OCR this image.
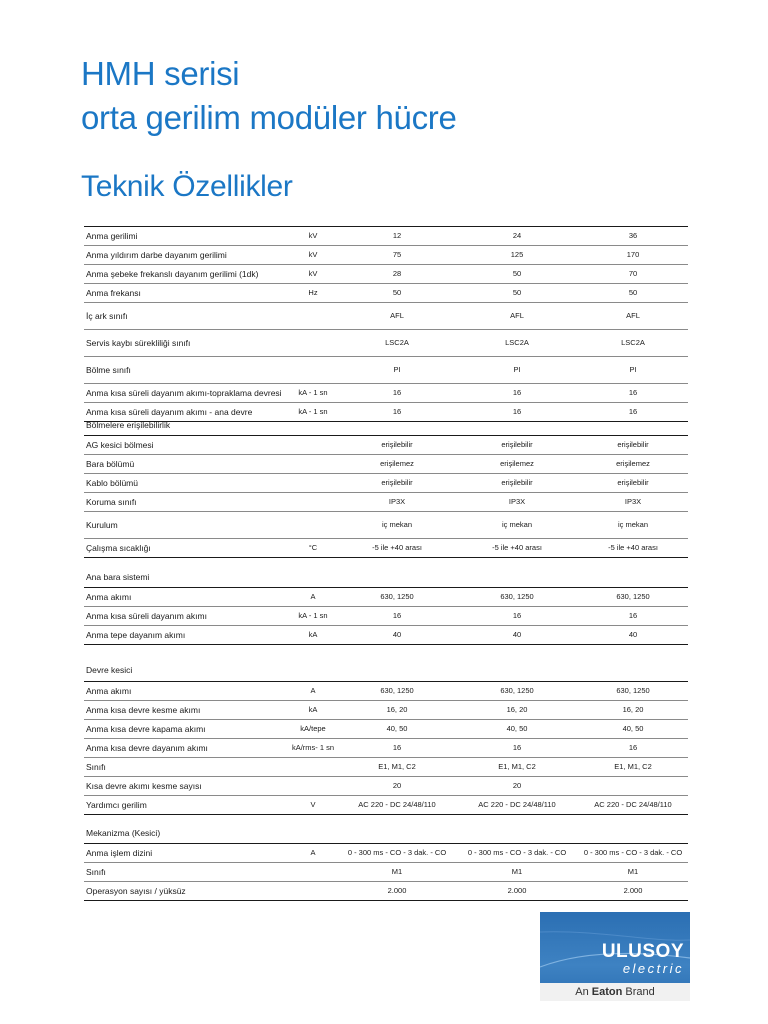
HMH serisi
orta gerilim modüler hücre
Teknik Özellikler
Anma gerilimi	kV	12	24	36
Anma yıldırım darbe dayanım gerilimi	kV	75	125	170
Anma şebeke frekanslı dayanım gerilimi (1dk)	kV	28	50	70
Anma frekansı	Hz	50	50	50
İç ark sınıfı		AFL	AFL	AFL
Servis kaybı sürekliliği sınıfı		LSC2A	LSC2A	LSC2A
Bölme sınıfı		PI	PI	PI
Anma kısa süreli dayanım akımı-topraklama devresi	kA - 1 sn	16	16	16
Anma kısa süreli dayanım akımı - ana devre	kA - 1 sn	16	16	16

Bölmelere erişilebilirlik

AG kesici bölmesi		erişilebilir	erişilebilir	erişilebilir
Bara bölümü		erişilemez	erişilemez	erişilemez
Kablo bölümü		erişilebilir	erişilebilir	erişilebilir
Koruma sınıfı		IP3X	IP3X	IP3X
Kurulum		iç mekan	iç mekan	iç mekan
Çalışma sıcaklığı	°C	-5 ile +40 arası	-5 ile +40 arası	-5 ile +40 arası

Ana bara sistemi

Anma akımı	A	630, 1250	630, 1250	630, 1250
Anma kısa süreli dayanım akımı	kA - 1 sn	16	16	16
Anma tepe dayanım akımı	kA	40	40	40

Devre kesici

Anma akımı	A	630, 1250	630, 1250	630, 1250
Anma kısa devre kesme akımı	kA	16, 20	16, 20	16, 20
Anma kısa devre kapama akımı	kA/tepe	40, 50	40, 50	40, 50
Anma kısa devre dayanım akımı	kA/rms- 1 sn	16	16	16
Sınıfı		E1, M1, C2	E1, M1, C2	E1, M1, C2
Kısa devre akımı kesme sayısı		20	20	
Yardımcı gerilim	V	AC 220 - DC 24/48/110	AC 220 - DC 24/48/110	AC 220 - DC 24/48/110

Mekanizma (Kesici)

Anma işlem dizini	A	0 - 300 ms - CO - 3 dak. - CO	0 - 300 ms - CO - 3 dak. - CO	0 - 300 ms - CO - 3 dak. - CO
Sınıfı		M1	M1	M1
Operasyon sayısı / yüksüz		2.000	2.000	2.000
ULUSOY
electric
An Eaton Brand
